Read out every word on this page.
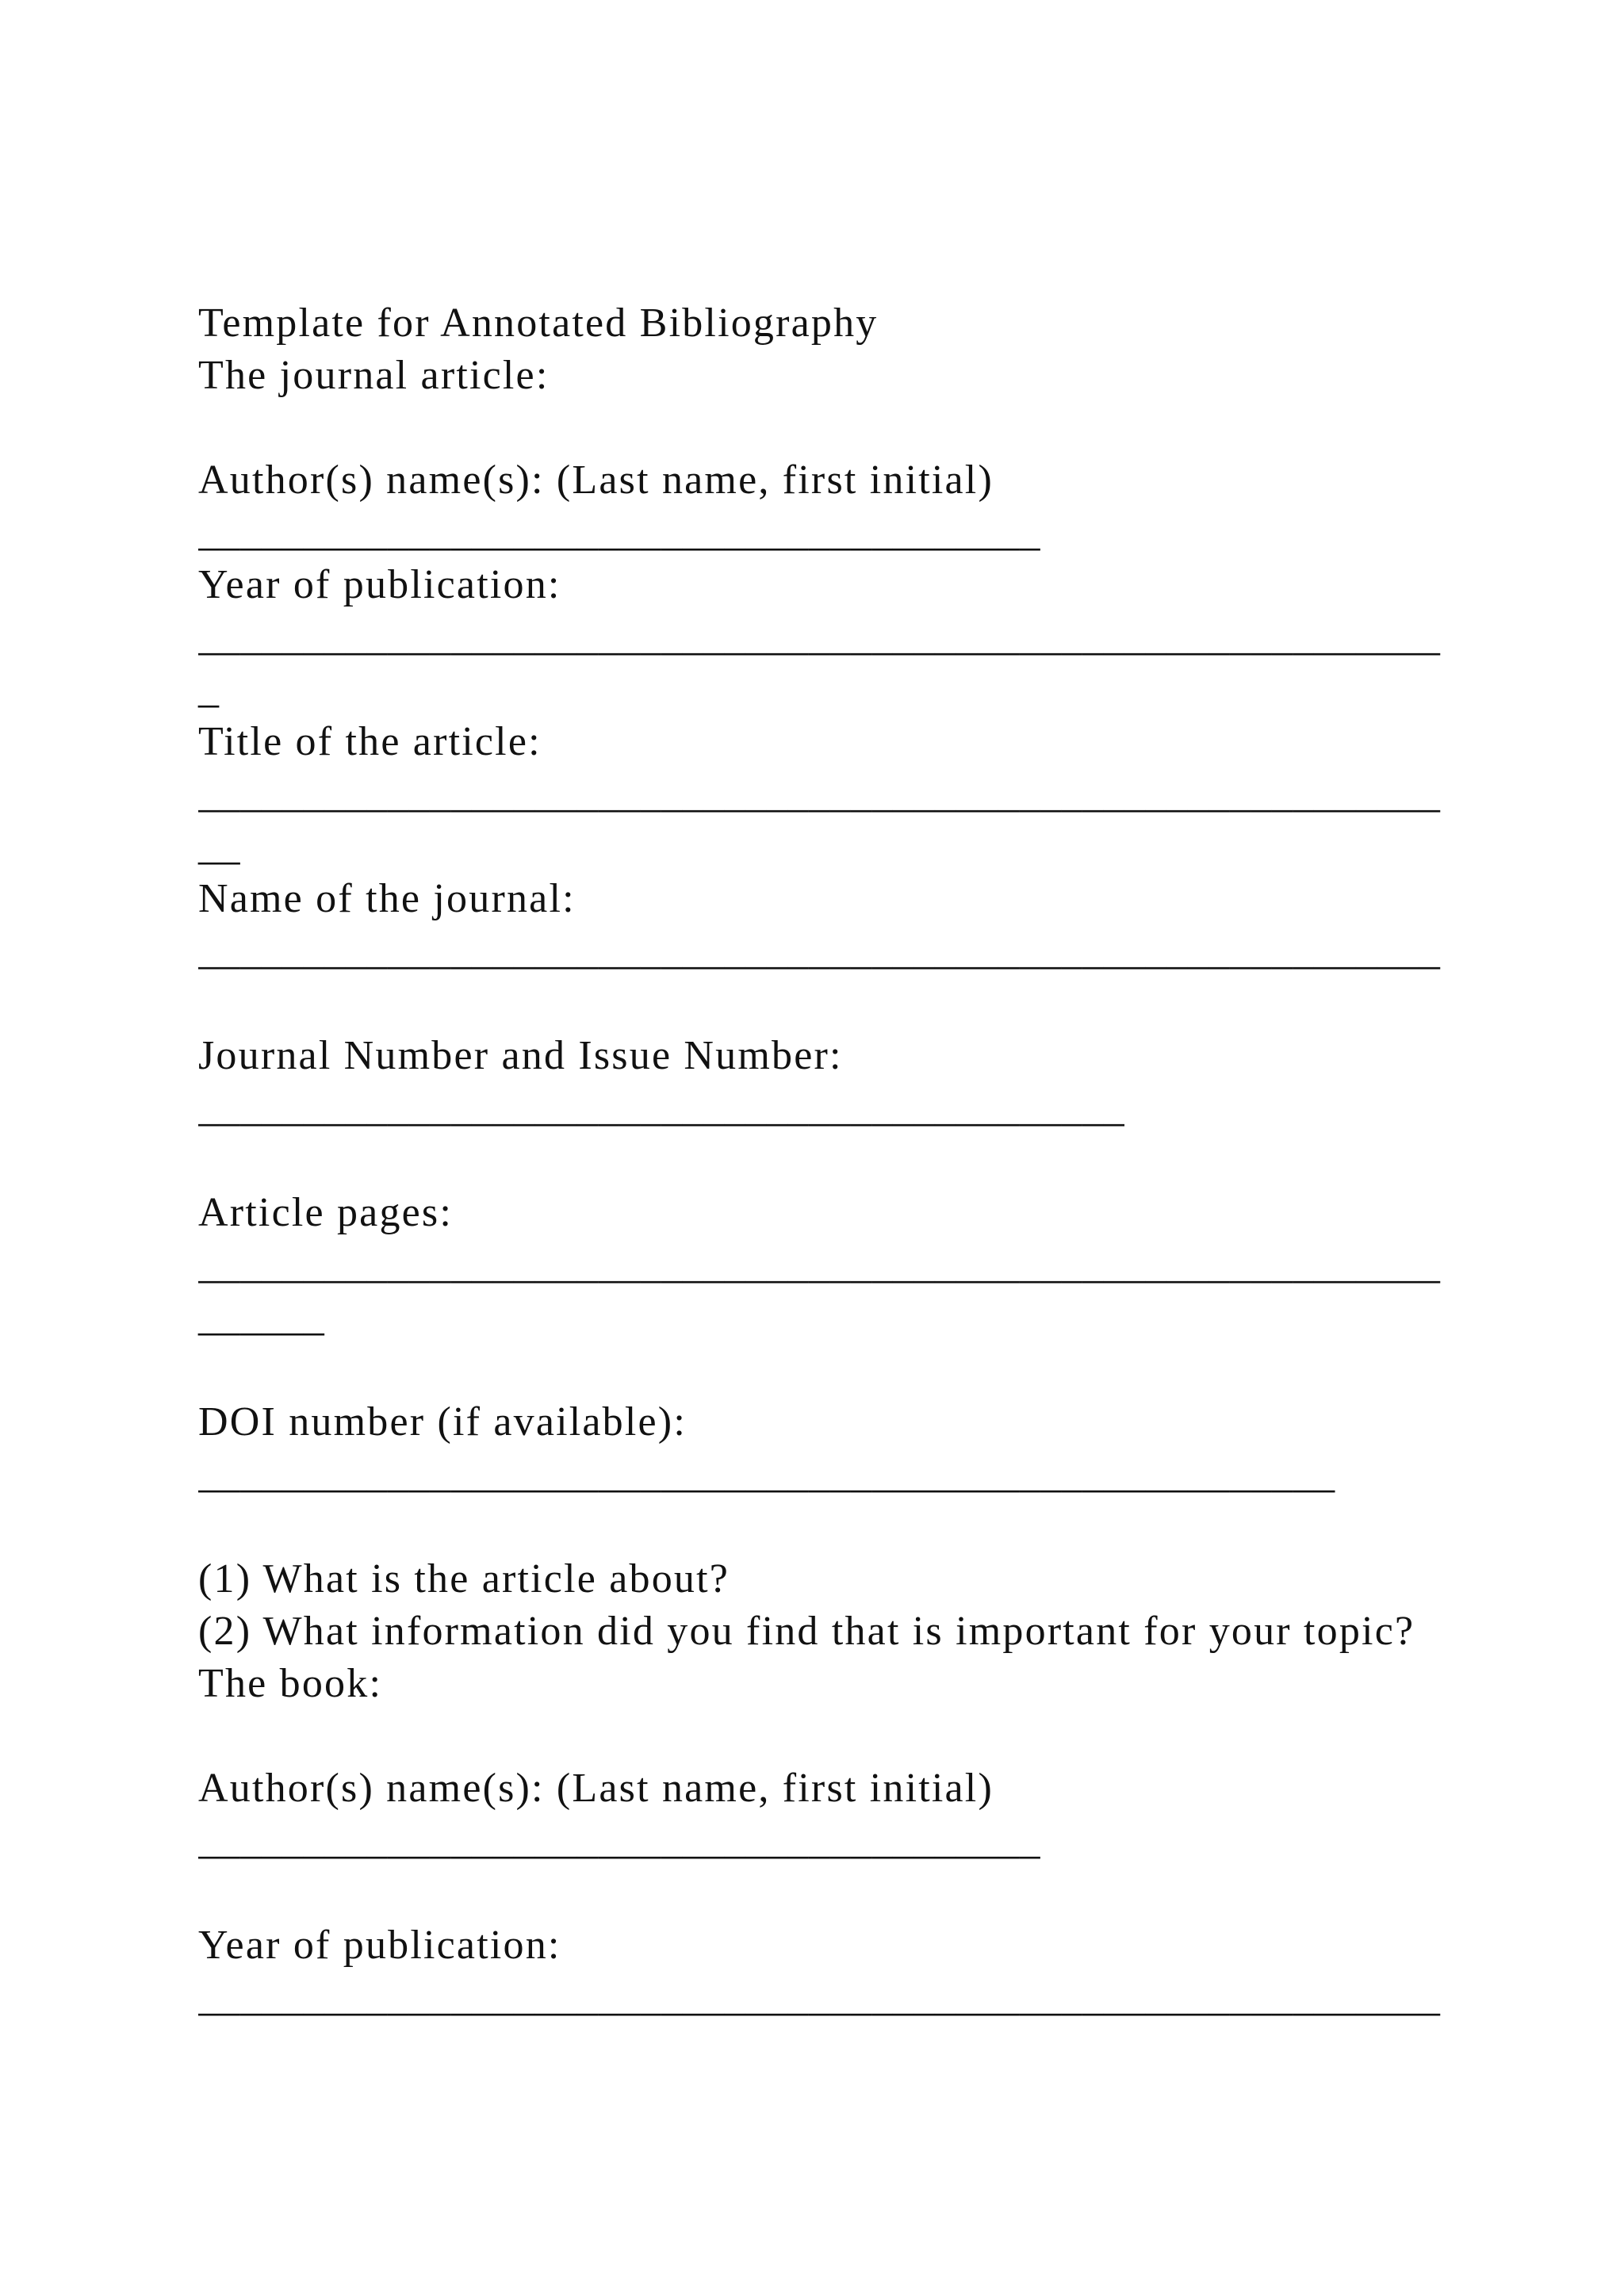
Template for Annotated Bibliography
The journal article:
Author(s) name(s): (Last name, first initial)
________________________________________
Year of publication:
___________________________________________________________
_
Title of the article:
___________________________________________________________
__
Name of the journal:
___________________________________________________________
Journal Number and Issue Number:
____________________________________________
Article pages:
___________________________________________________________
______
DOI number (if available):
______________________________________________________
(1) What is the article about?
(2) What information did you find that is important for your topic?
The book:
Author(s) name(s): (Last name, first initial)
________________________________________
Year of publication:
___________________________________________________________
